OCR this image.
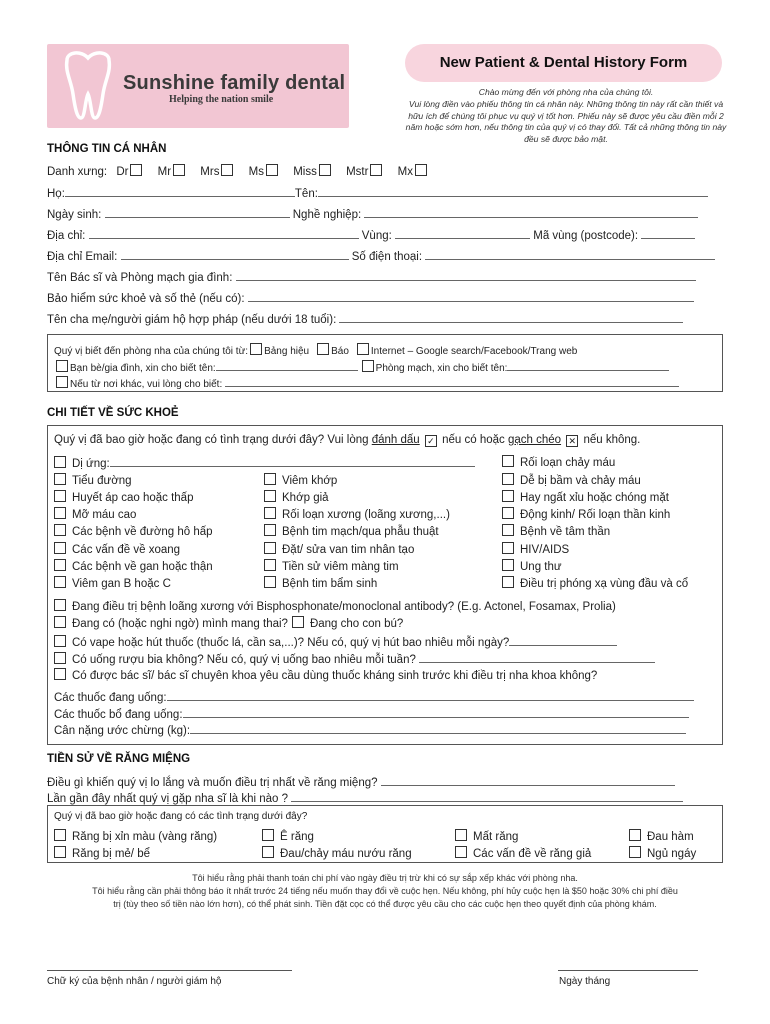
Sunshine family dental
Helping the nation smile
New Patient & Dental History Form
Chào mừng đến với phòng nha của chúng tôi.
Vui lòng điền vào phiếu thông tin cá nhân này. Những thông tin này rất cần thiết và hữu ích để chúng tôi phục vụ quý vị tốt hơn. Phiếu này sẽ được yêu cầu điền mỗi 2 năm hoặc sớm hơn, nếu thông tin của quý vị có thay đổi. Tất cả những thông tin này đều sẽ được bảo mật.
THÔNG TIN CÁ NHÂN
Danh xưng: Dr	Mr	Mrs	Ms	Miss	Mstr	Mx
Họ:	Tên:
Ngày sinh:	Nghề nghiệp:
Địa chỉ:	Vùng:	Mã vùng (postcode):
Địa chỉ Email:	Số điện thoại:
Tên Bác sĩ và Phòng mạch gia đình:
Bảo hiểm sức khoẻ và số thẻ (nếu có):
Tên cha mẹ/người giám hộ hợp pháp (nếu dưới 18 tuổi):
Quý vị biết đến phòng nha của chúng tôi từ: Bảng hiệu Báo Internet – Google search/Facebook/Trang web
Bạn bè/gia đình, xin cho biết tên:	Phòng mạch, xin cho biết tên:
Nếu từ nơi khác, vui lòng cho biết:
CHI TIẾT VỀ SỨC KHOẺ
Quý vị đã bao giờ hoặc đang có tình trạng dưới đây? Vui lòng đánh dấu ✓ nếu có hoặc gạch chéo ✕ nếu không.
Dị ứng:
Tiểu đường
Huyết áp cao hoặc thấp
Mỡ máu cao
Các bệnh về đường hô hấp
Các vấn đề về xoang
Các bệnh về gan hoặc thận
Viêm gan B hoặc C
Viêm khớp
Khớp giả
Rối loạn xương (loãng xương,...)
Bệnh tim mạch/qua phẫu thuật
Đặt/ sửa van tim nhân tạo
Tiền sử viêm màng tim
Bệnh tim bẩm sinh
Rối loạn chảy máu
Dễ bị bầm và chảy máu
Hay ngất xỉu hoặc chóng mặt
Động kinh/ Rối loạn thần kinh
Bệnh về tâm thần
HIV/AIDS
Ung thư
Điều trị phóng xạ vùng đầu và cổ
Đang điều trị bệnh loãng xương với Bisphosphonate/monoclonal antibody? (E.g. Actonel, Fosamax, Prolia)
Đang có (hoặc nghi ngờ) mình mang thai? Đang cho con bú?
Có vape hoặc hút thuốc (thuốc lá, cần sa,...)? Nếu có, quý vị hút bao nhiêu mỗi ngày?
Có uống rượu bia không? Nếu có, quý vị uống bao nhiêu mỗi tuần?
Có được bác sĩ/ bác sĩ chuyên khoa yêu cầu dùng thuốc kháng sinh trước khi điều trị nha khoa không?
Các thuốc đang uống:
Các thuốc bổ đang uống:
Cân nặng ước chừng (kg):
TIỀN SỬ VỀ RĂNG MIỆNG
Điều gì khiến quý vị lo lắng và muốn điều trị nhất về răng miệng?
Lần gần đây nhất quý vị gặp nha sĩ là khi nào ?
Quý vị đã bao giờ hoặc đang có các tình trạng dưới đây?
Răng bị xỉn màu (vàng răng)	Ê răng	Mất răng	Đau hàm
Răng bị mẻ/ bể	Đau/chảy máu nướu răng	Các vấn đề về răng giả	Ngủ ngáy
Tôi hiểu rằng phải thanh toán chi phí vào ngày điều trị trừ khi có sự sắp xếp khác với phòng nha.
Tôi hiểu rằng cần phải thông báo ít nhất trước 24 tiếng nếu muốn thay đổi về cuộc hẹn. Nếu không, phí hủy cuộc hẹn là $50 hoặc 30% chi phí điều trị (tùy theo số tiền nào lớn hơn), có thể phát sinh. Tiền đặt cọc có thể được yêu cầu cho các cuộc hẹn theo quyết định của phòng khám.
Chữ ký của bệnh nhân / người giám hộ	Ngày tháng
